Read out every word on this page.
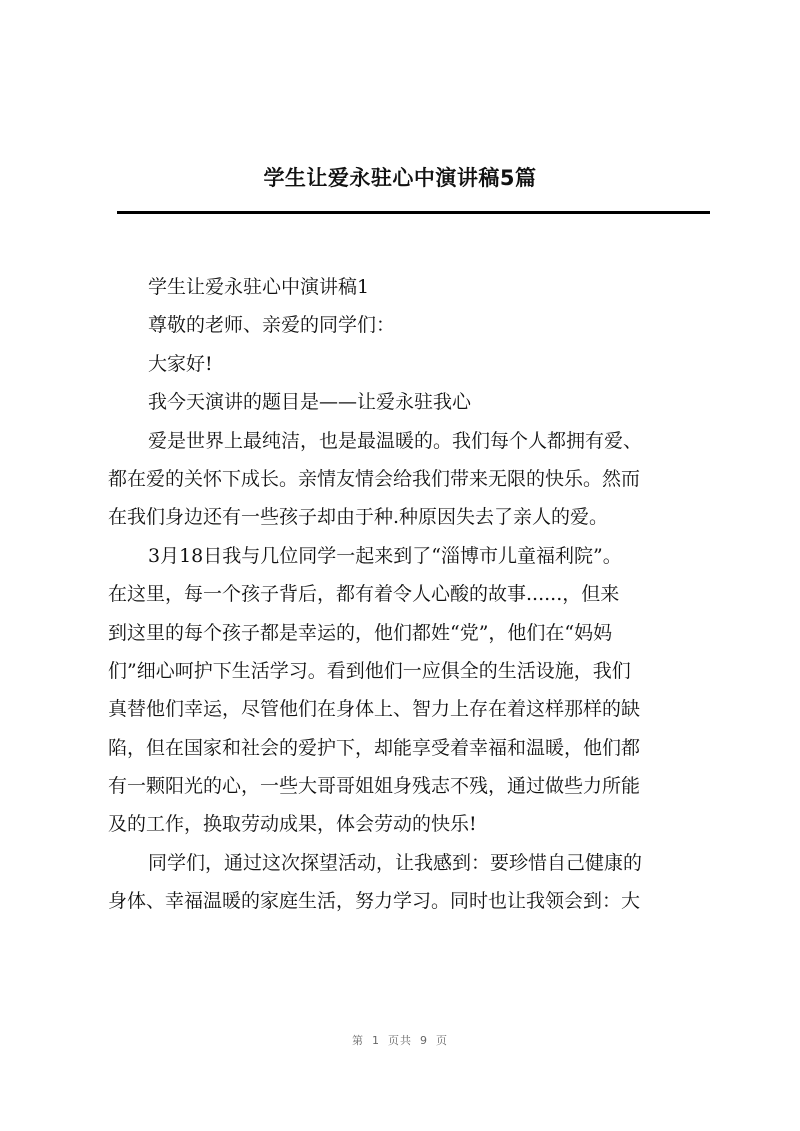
学生让爱永驻心中演讲稿5篇
学生让爱永驻心中演讲稿1
尊敬的老师、亲爱的同学们：
大家好!
我今天演讲的题目是——让爱永驻我心
爱是世界上最纯洁，也是最温暖的。我们每个人都拥有爱、
都在爱的关怀下成长。亲情友情会给我们带来无限的快乐。然而
在我们身边还有一些孩子却由于种.种原因失去了亲人的爱。
3月18日我与几位同学一起来到了“淄博市儿童福利院”。
在这里，每一个孩子背后，都有着令人心酸的故事......，但来
到这里的每个孩子都是幸运的，他们都姓“党”，他们在“妈妈
们”细心呵护下生活学习。看到他们一应俱全的生活设施，我们
真替他们幸运，尽管他们在身体上、智力上存在着这样那样的缺
陷，但在国家和社会的爱护下，却能享受着幸福和温暖，他们都
有一颗阳光的心，一些大哥哥姐姐身残志不残，通过做些力所能
及的工作，换取劳动成果，体会劳动的快乐!
同学们，通过这次探望活动，让我感到：要珍惜自己健康的
身体、幸福温暖的家庭生活，努力学习。同时也让我领会到：大
第 1 页共 9 页
